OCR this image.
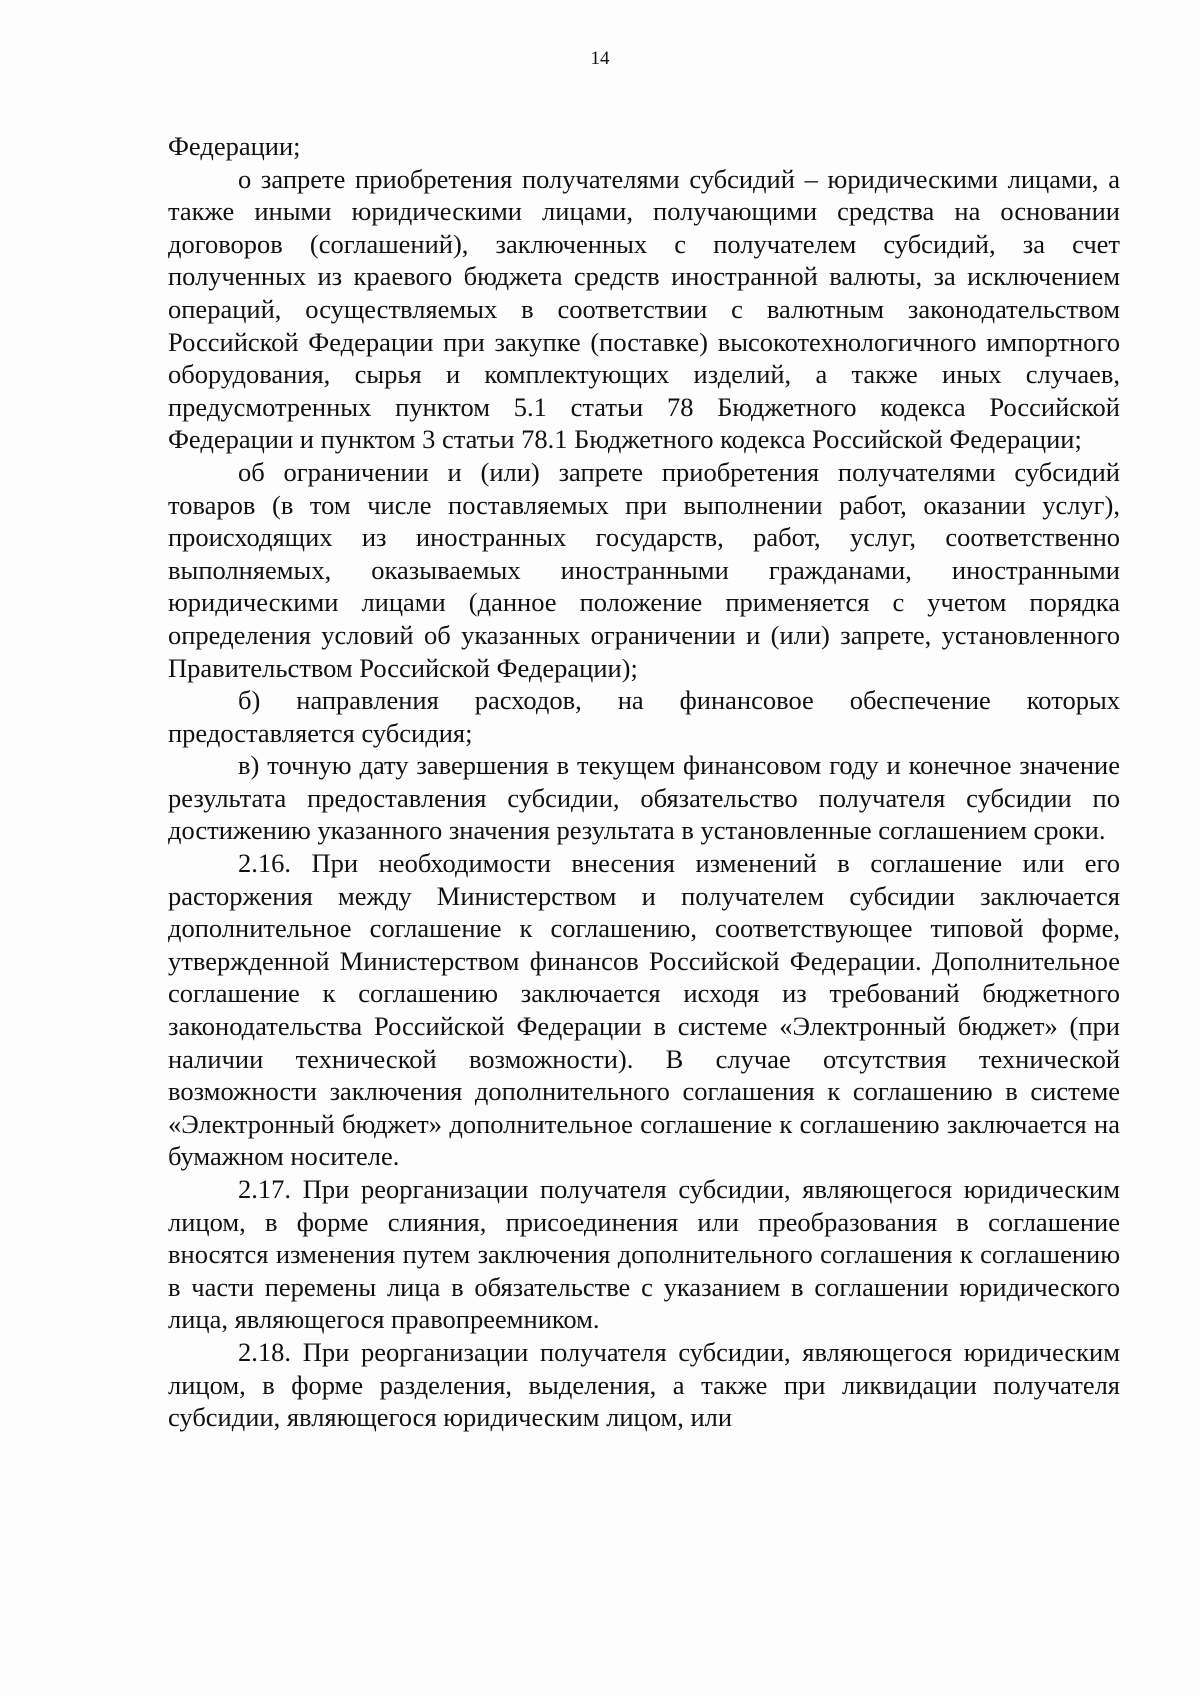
14

Федерации;

о запрете приобретения получателями субсидий – юридическими лицами, а также иными юридическими лицами, получающими средства на основании договоров (соглашений), заключенных с получателем субсидий, за счет полученных из краевого бюджета средств иностранной валюты, за исключением операций, осуществляемых в соответствии с валютным законодательством Российской Федерации при закупке (поставке) высокотехнологичного импортного оборудования, сырья и комплектующих изделий, а также иных случаев, предусмотренных пунктом 5.1 статьи 78 Бюджетного кодекса Российской Федерации и пунктом 3 статьи 78.1 Бюджетного кодекса Российской Федерации;

об ограничении и (или) запрете приобретения получателями субсидий товаров (в том числе поставляемых при выполнении работ, оказании услуг), происходящих из иностранных государств, работ, услуг, соответственно выполняемых, оказываемых иностранными гражданами, иностранными юридическими лицами (данное положение применяется с учетом порядка определения условий об указанных ограничении и (или) запрете, установленного Правительством Российской Федерации);

б) направления расходов, на финансовое обеспечение которых предоставляется субсидия;

в) точную дату завершения в текущем финансовом году и конечное значение результата предоставления субсидии, обязательство получателя субсидии по достижению указанного значения результата в установленные соглашением сроки.

2.16. При необходимости внесения изменений в соглашение или его расторжения между Министерством и получателем субсидии заключается дополнительное соглашение к соглашению, соответствующее типовой форме, утвержденной Министерством финансов Российской Федерации. Дополнительное соглашение к соглашению заключается исходя из требований бюджетного законодательства Российской Федерации в системе «Электронный бюджет» (при наличии технической возможности). В случае отсутствия технической возможности заключения дополнительного соглашения к соглашению в системе «Электронный бюджет» дополнительное соглашение к соглашению заключается на бумажном носителе.

2.17. При реорганизации получателя субсидии, являющегося юридическим лицом, в форме слияния, присоединения или преобразования в соглашение вносятся изменения путем заключения дополнительного соглашения к соглашению в части перемены лица в обязательстве с указанием в соглашении юридического лица, являющегося правопреемником.

2.18. При реорганизации получателя субсидии, являющегося юридическим лицом, в форме разделения, выделения, а также при ликвидации получателя субсидии, являющегося юридическим лицом, или
